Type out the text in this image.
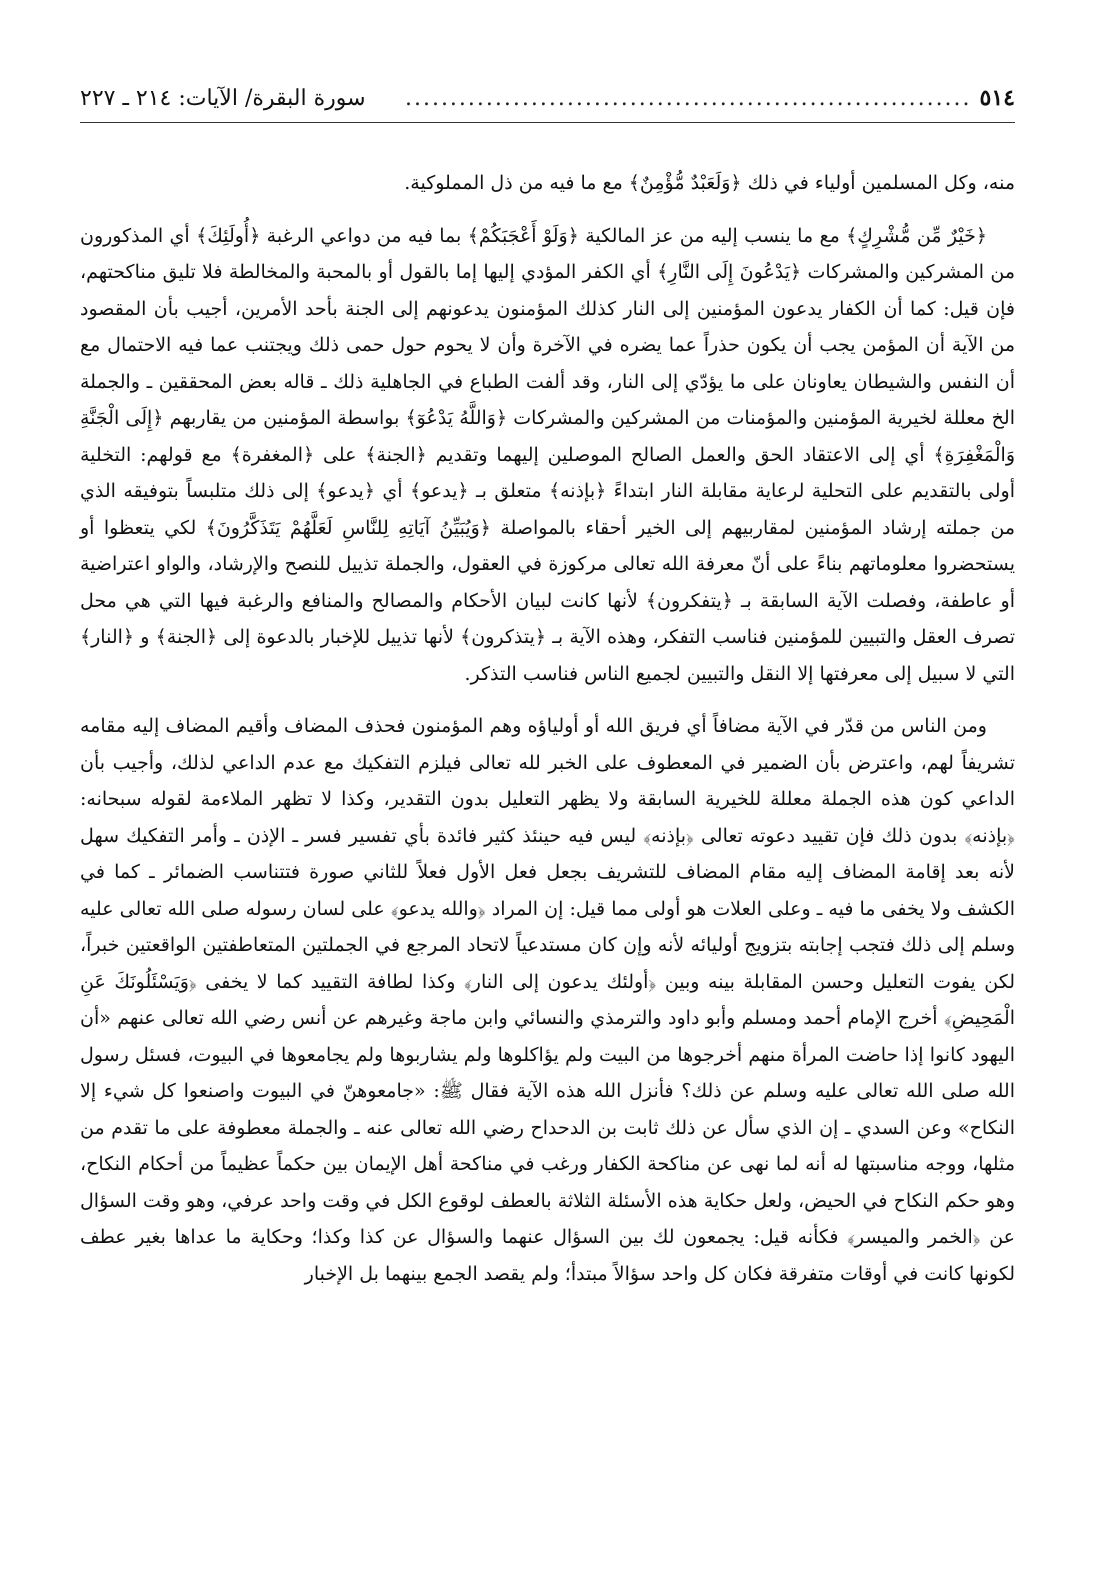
٥١٤
...............................................................
سورة البقرة/ الآيات: ٢١٤ ـ ٢٢٧

منه، وكل المسلمين أولياء في ذلك ﴿وَلَعَبْدٌ مُّؤْمِنٌ﴾ مع ما فيه من ذل المملوكية.

﴿خَيْرٌ مِّن مُّشْرِكٍ﴾ مع ما ينسب إليه من عز المالكية ﴿وَلَوْ أَعْجَبَكُمْ﴾ بما فيه من دواعي الرغبة ﴿أُولَئِكَ﴾ أي المذكورون من المشركين والمشركات ﴿يَدْعُونَ إِلَى النَّارِ﴾ أي الكفر المؤدي إليها إما بالقول أو بالمحبة والمخالطة فلا تليق مناكحتهم، فإن قيل: كما أن الكفار يدعون المؤمنين إلى النار كذلك المؤمنون يدعونهم إلى الجنة بأحد الأمرين، أجيب بأن المقصود من الآية أن المؤمن يجب أن يكون حذراً عما يضره في الآخرة وأن لا يحوم حول حمى ذلك ويجتنب عما فيه الاحتمال مع أن النفس والشيطان يعاونان على ما يؤدّي إلى النار، وقد ألفت الطباع في الجاهلية ذلك ـ قاله بعض المحققين ـ والجملة الخ معللة لخيرية المؤمنين والمؤمنات من المشركين والمشركات ﴿وَاللَّهُ يَدْعُوٓ﴾ بواسطة المؤمنين من يقاربهم ﴿إِلَى الْجَنَّةِ وَالْمَغْفِرَةِ﴾ أي إلى الاعتقاد الحق والعمل الصالح الموصلين إليهما وتقديم ﴿الجنة﴾ على ﴿المغفرة﴾ مع قولهم: التخلية أولى بالتقديم على التحلية لرعاية مقابلة النار ابتداءً ﴿بإذنه﴾ متعلق بـ ﴿يدعو﴾ أي ﴿يدعو﴾ إلى ذلك متلبساً بتوفيقه الذي من جملته إرشاد المؤمنين لمقاربيهم إلى الخير أحقاء بالمواصلة ﴿وَيُبَيِّنُ آيَاتِهِ لِلنَّاسِ لَعَلَّهُمْ يَتَذَكَّرُونَ﴾ لكي يتعظوا أو يستحضروا معلوماتهم بناءً على أنّ معرفة الله تعالى مركوزة في العقول، والجملة تذييل للنصح والإرشاد، والواو اعتراضية أو عاطفة، وفصلت الآية السابقة بـ ﴿يتفكرون﴾ لأنها كانت لبيان الأحكام والمصالح والمنافع والرغبة فيها التي هي محل تصرف العقل والتبيين للمؤمنين فناسب التفكر، وهذه الآية بـ ﴿يتذكرون﴾ لأنها تذييل للإخبار بالدعوة إلى ﴿الجنة﴾ و ﴿النار﴾ التي لا سبيل إلى معرفتها إلا النقل والتبيين لجميع الناس فناسب التذكر.

ومن الناس من قدّر في الآية مضافاً أي فريق الله أو أولياؤه وهم المؤمنون فحذف المضاف وأقيم المضاف إليه مقامه تشريفاً لهم، واعترض بأن الضمير في المعطوف على الخبر لله تعالى فيلزم التفكيك مع عدم الداعي لذلك، وأجيب بأن الداعي كون هذه الجملة معللة للخيرية السابقة ولا يظهر التعليل بدون التقدير، وكذا لا تظهر الملاءمة لقوله سبحانه: ﴿بإذنه﴾ بدون ذلك فإن تقييد دعوته تعالى ﴿بإذنه﴾ ليس فيه حينئذ كثير فائدة بأي تفسير فسر ـ الإذن ـ وأمر التفكيك سهل لأنه بعد إقامة المضاف إليه مقام المضاف للتشريف بجعل فعل الأول فعلاً للثاني صورة فتتناسب الضمائر ـ كما في الكشف ولا يخفى ما فيه ـ وعلى العلات هو أولى مما قيل: إن المراد ﴿والله يدعو﴾ على لسان رسوله صلى الله تعالى عليه وسلم إلى ذلك فتجب إجابته بتزويج أوليائه لأنه وإن كان مستدعياً لاتحاد المرجع في الجملتين المتعاطفتين الواقعتين خبراً، لكن يفوت التعليل وحسن المقابلة بينه وبين ﴿أولئك يدعون إلى النار﴾ وكذا لطافة التقييد كما لا يخفى ﴿وَيَسْئَلُونَكَ عَنِ الْمَحِيضِ﴾ أخرج الإمام أحمد ومسلم وأبو داود والترمذي والنسائي وابن ماجة وغيرهم عن أنس رضي الله تعالى عنهم «أن اليهود كانوا إذا حاضت المرأة منهم أخرجوها من البيت ولم يؤاكلوها ولم يشاربوها ولم يجامعوها في البيوت، فسئل رسول الله صلى الله تعالى عليه وسلم عن ذلك؟ فأنزل الله هذه الآية فقال ﷺ: «جامعوهنّ في البيوت واصنعوا كل شيء إلا النكاح» وعن السدي ـ إن الذي سأل عن ذلك ثابت بن الدحداح رضي الله تعالى عنه ـ والجملة معطوفة على ما تقدم من مثلها، ووجه مناسبتها له أنه لما نهى عن مناكحة الكفار ورغب في مناكحة أهل الإيمان بين حكماً عظيماً من أحكام النكاح، وهو حكم النكاح في الحيض، ولعل حكاية هذه الأسئلة الثلاثة بالعطف لوقوع الكل في وقت واحد عرفي، وهو وقت السؤال عن ﴿الخمر والميسر﴾ فكأنه قيل: يجمعون لك بين السؤال عنهما والسؤال عن كذا وكذا؛ وحكاية ما عداها بغير عطف لكونها كانت في أوقات متفرقة فكان كل واحد سؤالاً مبتدأ؛ ولم يقصد الجمع بينهما بل الإخبار
